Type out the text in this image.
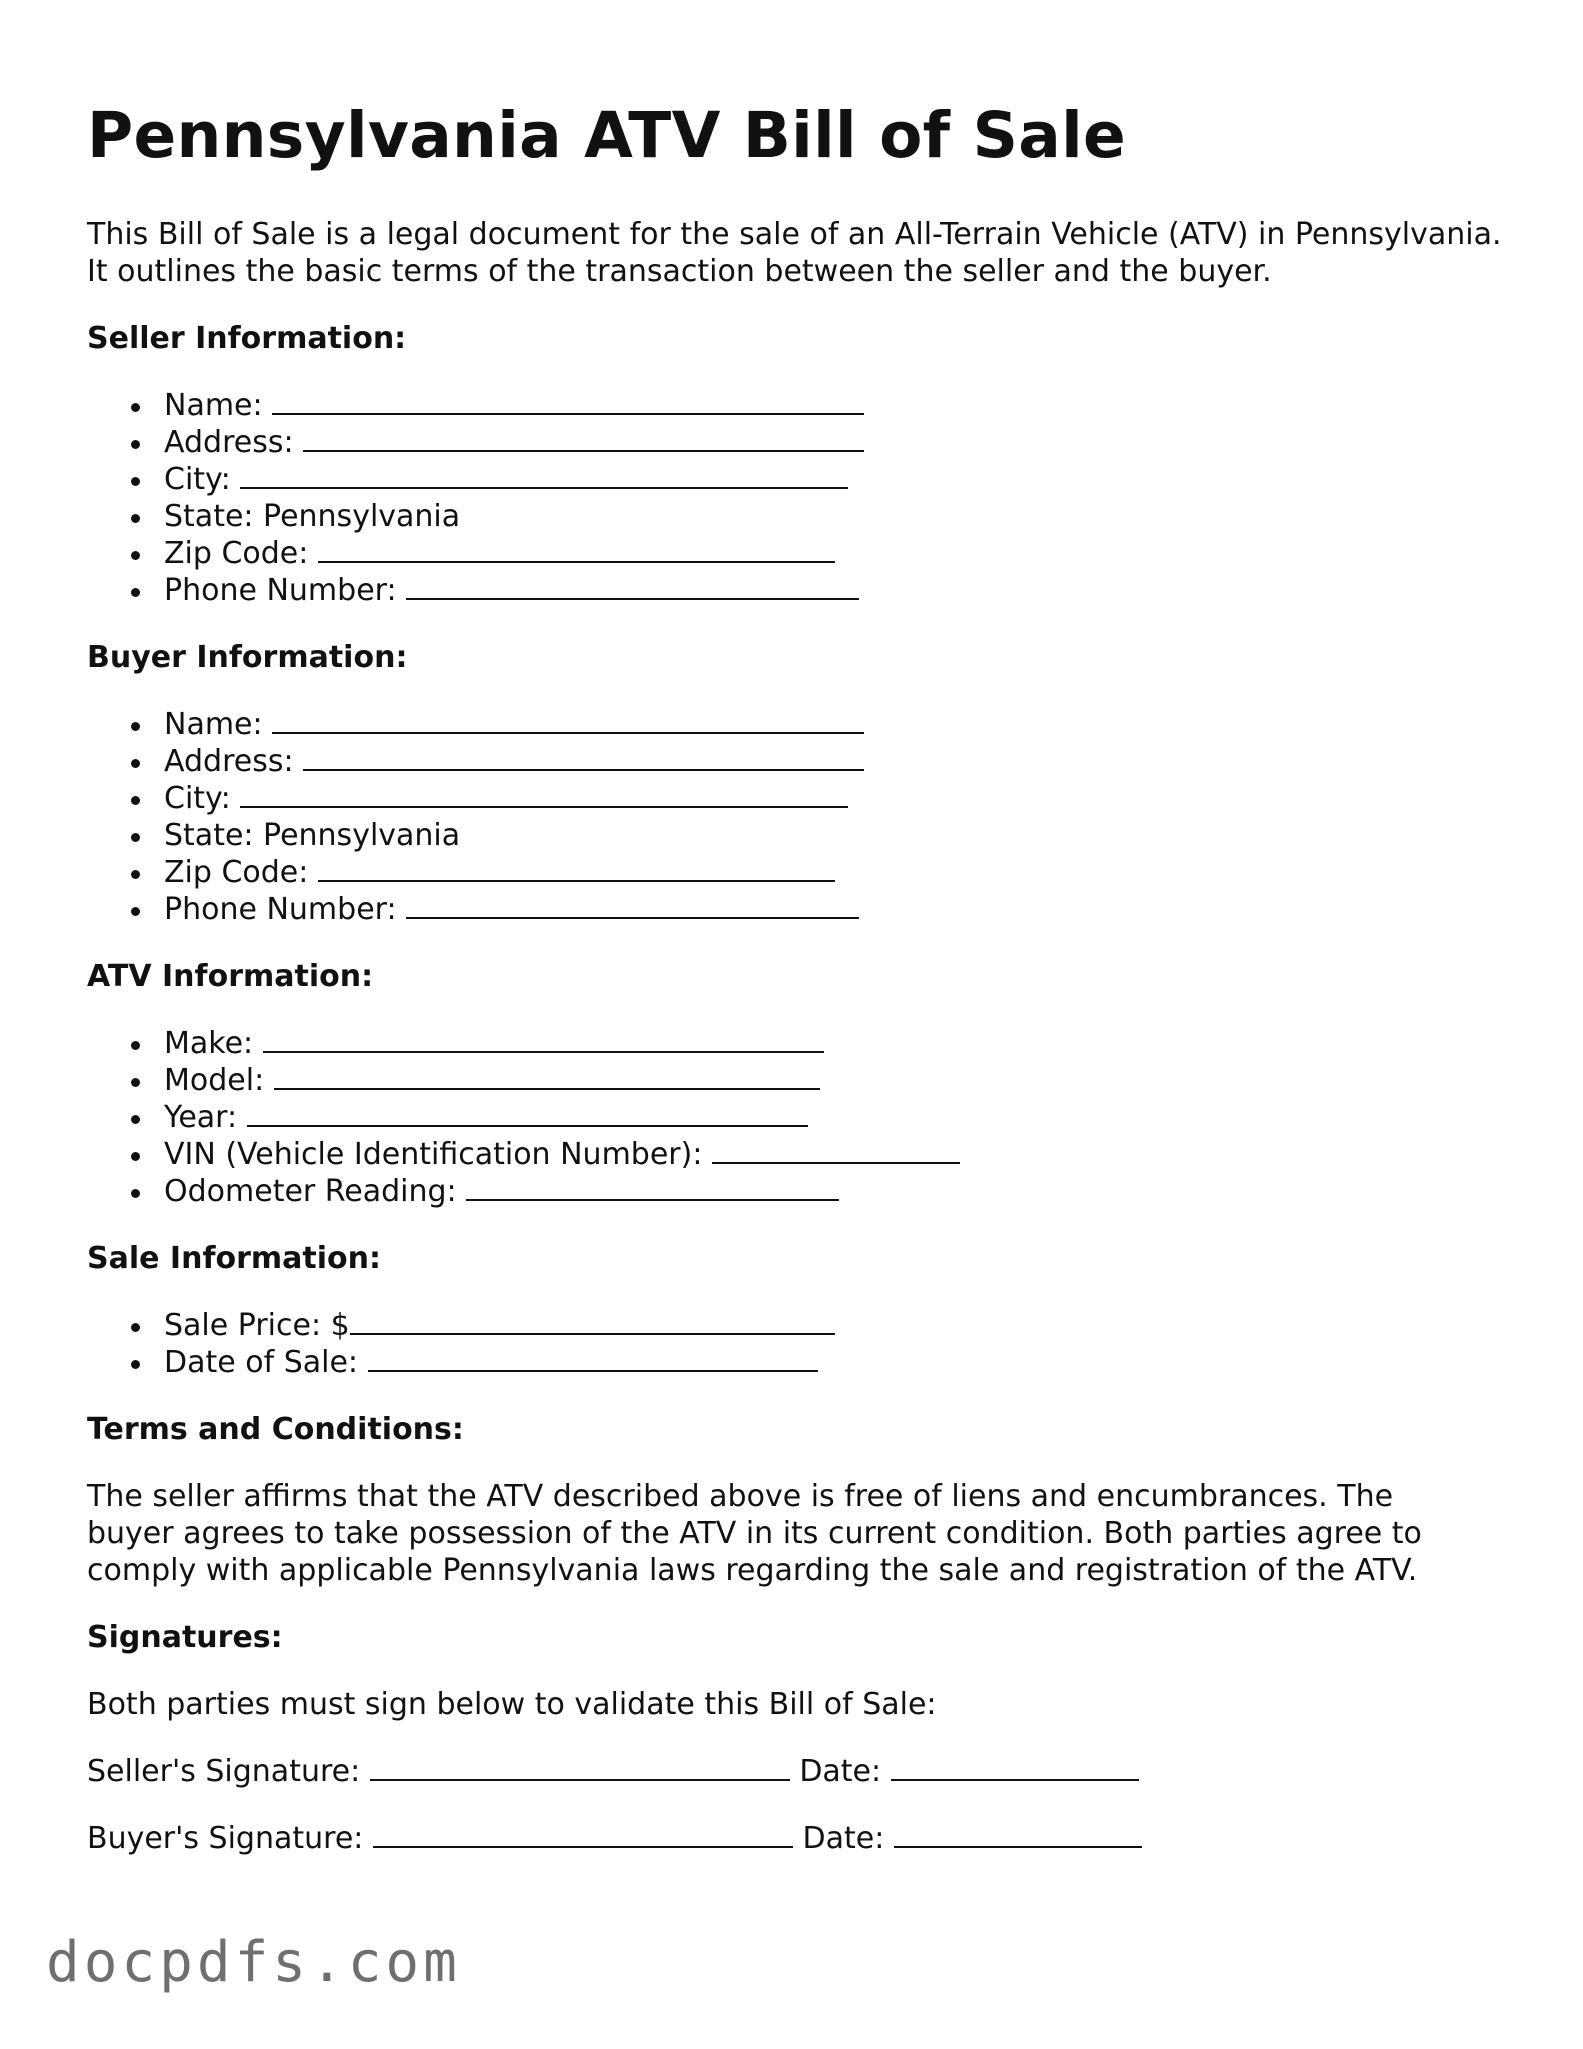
Pennsylvania ATV Bill of Sale

This Bill of Sale is a legal document for the sale of an All-Terrain Vehicle (ATV) in Pennsylvania. It outlines the basic terms of the transaction between the seller and the buyer.

Seller Information:
Name:
Address:
City:
State: Pennsylvania
Zip Code:
Phone Number:
Buyer Information:
Name:
Address:
City:
State: Pennsylvania
Zip Code:
Phone Number:
ATV Information:
Make:
Model:
Year:
VIN (Vehicle Identification Number):
Odometer Reading:
Sale Information:
Sale Price: $
Date of Sale:
Terms and Conditions:

The seller affirms that the ATV described above is free of liens and encumbrances. The buyer agrees to take possession of the ATV in its current condition. Both parties agree to comply with applicable Pennsylvania laws regarding the sale and registration of the ATV.

Signatures:

Both parties must sign below to validate this Bill of Sale:

Seller's Signature:	Date:
Buyer's Signature:	Date:
docpdfs.com
